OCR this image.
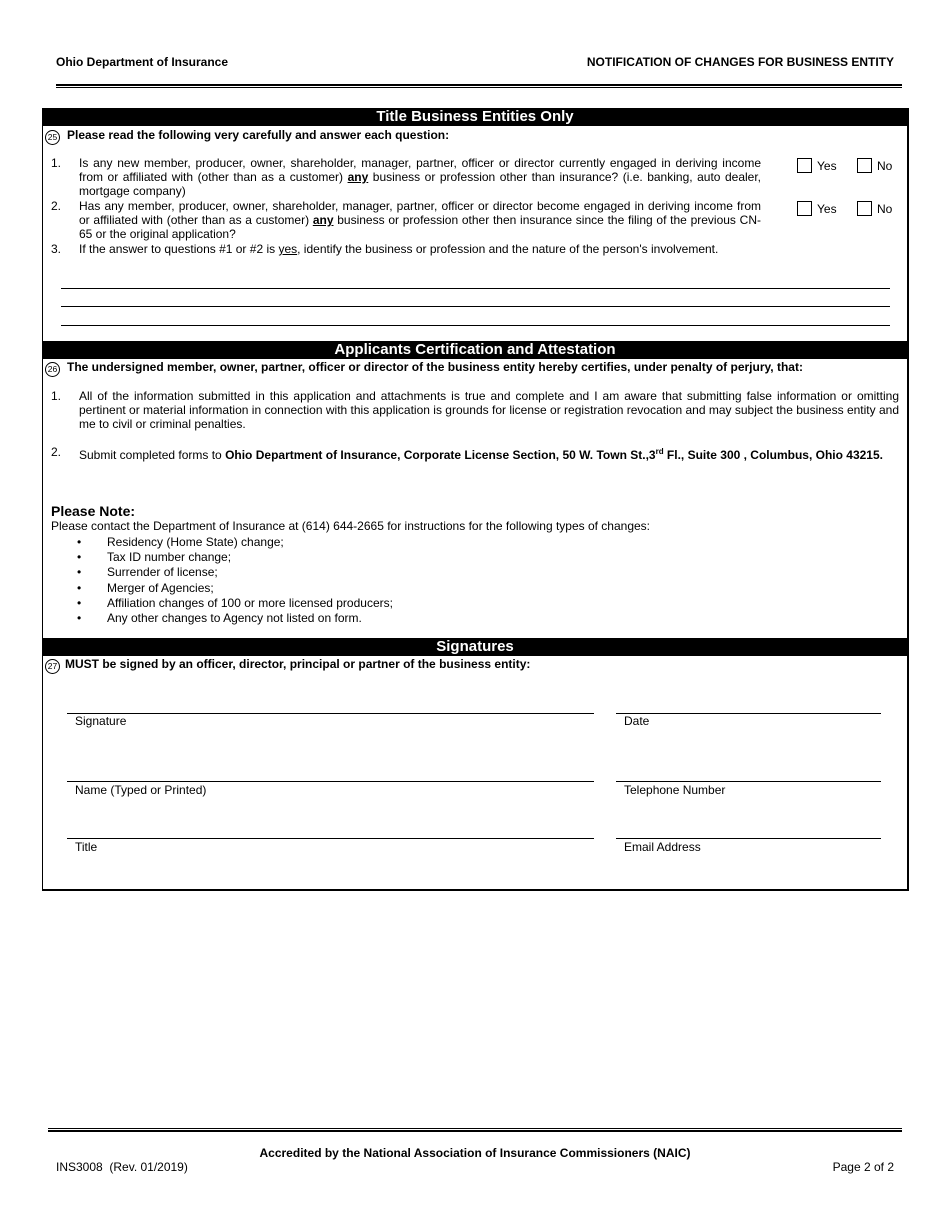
Ohio Department of Insurance	NOTIFICATION OF CHANGES FOR BUSINESS ENTITY
Title Business Entities Only
25 Please read the following very carefully and answer each question:
1. Is any new member, producer, owner, shareholder, manager, partner, officer or director currently engaged in deriving income from or affiliated with (other than as a customer) any business or profession other than insurance? (i.e. banking, auto dealer, mortgage company)
Yes	No
2. Has any member, producer, owner, shareholder, manager, partner, officer or director become engaged in deriving income from or affiliated with (other than as a customer) any business or profession other then insurance since the filing of the previous CN-65 or the original application?
Yes	No
3. If the answer to questions #1 or #2 is yes, identify the business or profession and the nature of the person's involvement.
Applicants Certification and Attestation
26 The undersigned member, owner, partner, officer or director of the business entity hereby certifies, under penalty of perjury, that:
1. All of the information submitted in this application and attachments is true and complete and I am aware that submitting false information or omitting pertinent or material information in connection with this application is grounds for license or registration revocation and may subject the business entity and me to civil or criminal penalties.
2. Submit completed forms to Ohio Department of Insurance, Corporate License Section, 50 W. Town St.,3rd Fl., Suite 300 , Columbus, Ohio 43215.
Please Note:
Please contact the Department of Insurance at (614) 644-2665 for instructions for the following types of changes:
• Residency (Home State) change;
• Tax ID number change;
• Surrender of license;
• Merger of Agencies;
• Affiliation changes of 100 or more licensed producers;
• Any other changes to Agency not listed on form.
Signatures
27 MUST be signed by an officer, director, principal or partner of the business entity:
Signature	Date
Name (Typed or Printed)	Telephone Number
Title	Email Address
Accredited by the National Association of Insurance Commissioners (NAIC)
INS3008  (Rev. 01/2019)	Page 2 of 2
